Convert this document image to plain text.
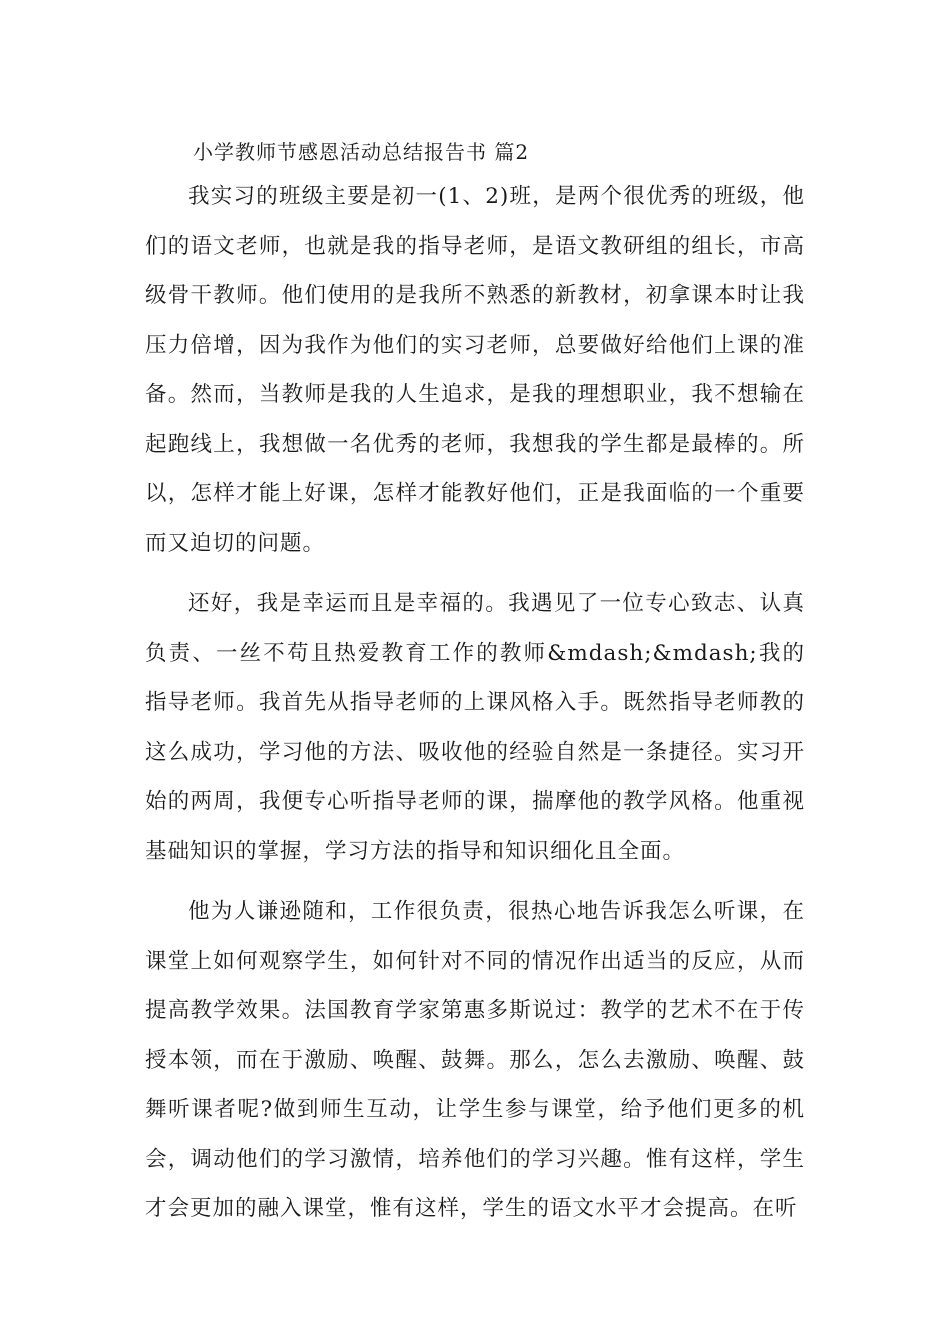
小学教师节感恩活动总结报告书 篇2

我实习的班级主要是初一(1、2)班，是两个很优秀的班级，他们的语文老师，也就是我的指导老师，是语文教研组的组长，市高级骨干教师。他们使用的是我所不熟悉的新教材，初拿课本时让我压力倍增，因为我作为他们的实习老师，总要做好给他们上课的准备。然而，当教师是我的人生追求，是我的理想职业，我不想输在起跑线上，我想做一名优秀的老师，我想我的学生都是最棒的。所以，怎样才能上好课，怎样才能教好他们，正是我面临的一个重要而又迫切的问题。

还好，我是幸运而且是幸福的。我遇见了一位专心致志、认真负责、一丝不苟且热爱教育工作的教师&mdash;&mdash;我的指导老师。我首先从指导老师的上课风格入手。既然指导老师教的这么成功，学习他的方法、吸收他的经验自然是一条捷径。实习开始的两周，我便专心听指导老师的课，揣摩他的教学风格。他重视基础知识的掌握，学习方法的指导和知识细化且全面。

他为人谦逊随和，工作很负责，很热心地告诉我怎么听课，在课堂上如何观察学生，如何针对不同的情况作出适当的反应，从而提高教学效果。法国教育学家第惠多斯说过：教学的艺术不在于传授本领，而在于激励、唤醒、鼓舞。那么，怎么去激励、唤醒、鼓舞听课者呢?做到师生互动，让学生参与课堂，给予他们更多的机会，调动他们的学习激情，培养他们的学习兴趣。惟有这样，学生才会更加的融入课堂，惟有这样，学生的语文水平才会提高。在听
